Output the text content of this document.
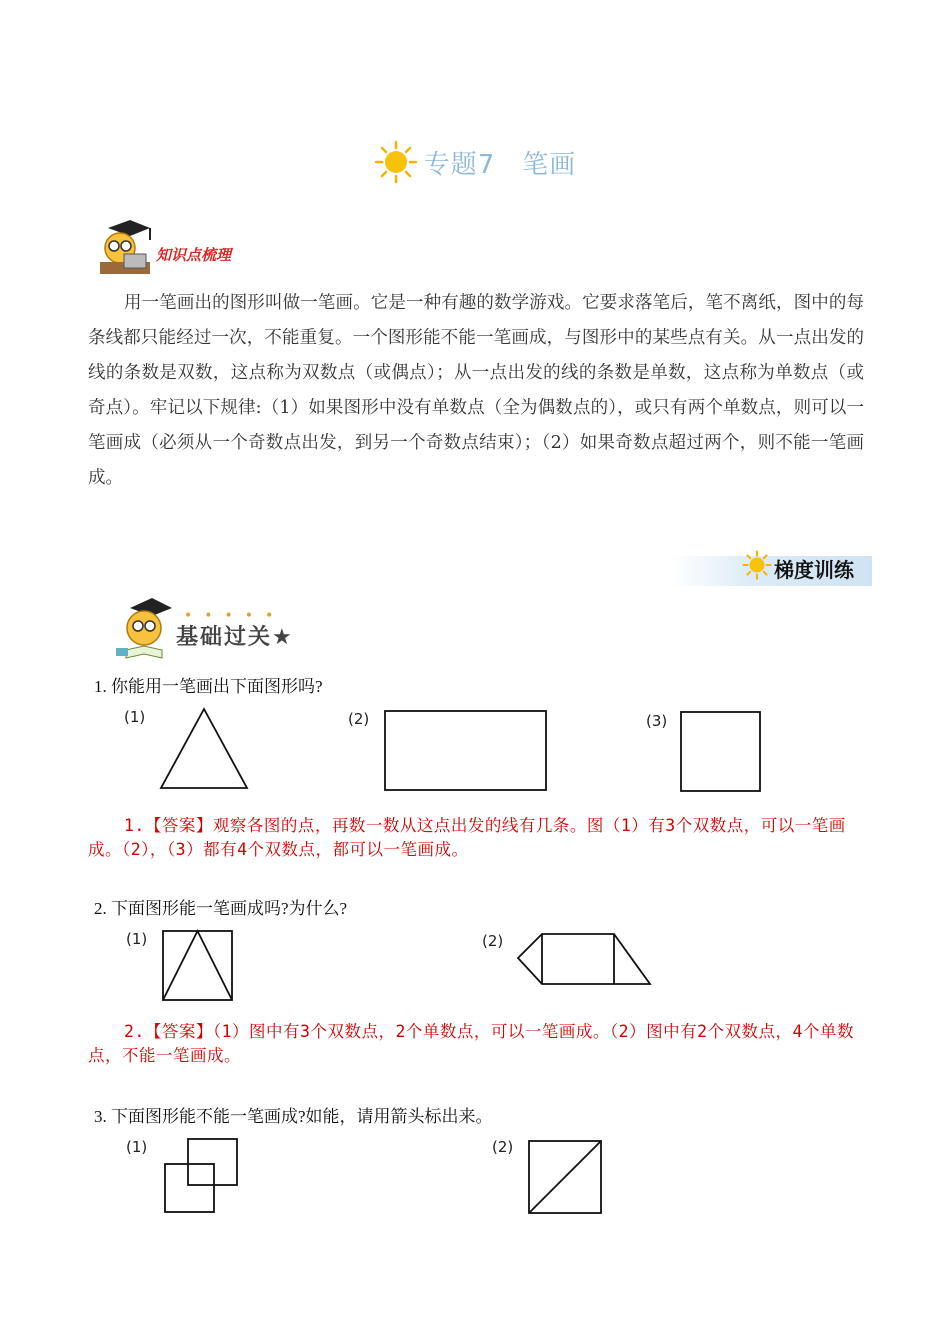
专题7　笔画
知识点梳理
用一笔画出的图形叫做一笔画。它是一种有趣的数学游戏。它要求落笔后，笔不离纸，图中的每条线都只能经过一次，不能重复。一个图形能不能一笔画成，与图形中的某些点有关。从一点出发的线的条数是双数，这点称为双数点（或偶点）；从一点出发的线的条数是单数，这点称为单数点（或奇点）。牢记以下规律:（1）如果图形中没有单数点（全为偶数点的），或只有两个单数点，则可以一笔画成（必须从一个奇数点出发，到另一个奇数点结束）；（2）如果奇数点超过两个，则不能一笔画成。
梯度训练
•••••
基础过关★
1. 你能用一笔画出下面图形吗?
(1)	(2)	(3)
1.【答案】观察各图的点，再数一数从这点出发的线有几条。图（1）有3个双数点，可以一笔画成。（2），（3）都有4个双数点，都可以一笔画成。
2. 下面图形能一笔画成吗?为什么?
(1)	(2)
2.【答案】（1）图中有3个双数点，2个单数点，可以一笔画成。（2）图中有2个双数点，4个单数点，不能一笔画成。
3. 下面图形能不能一笔画成?如能，请用箭头标出来。
(1)	(2)
